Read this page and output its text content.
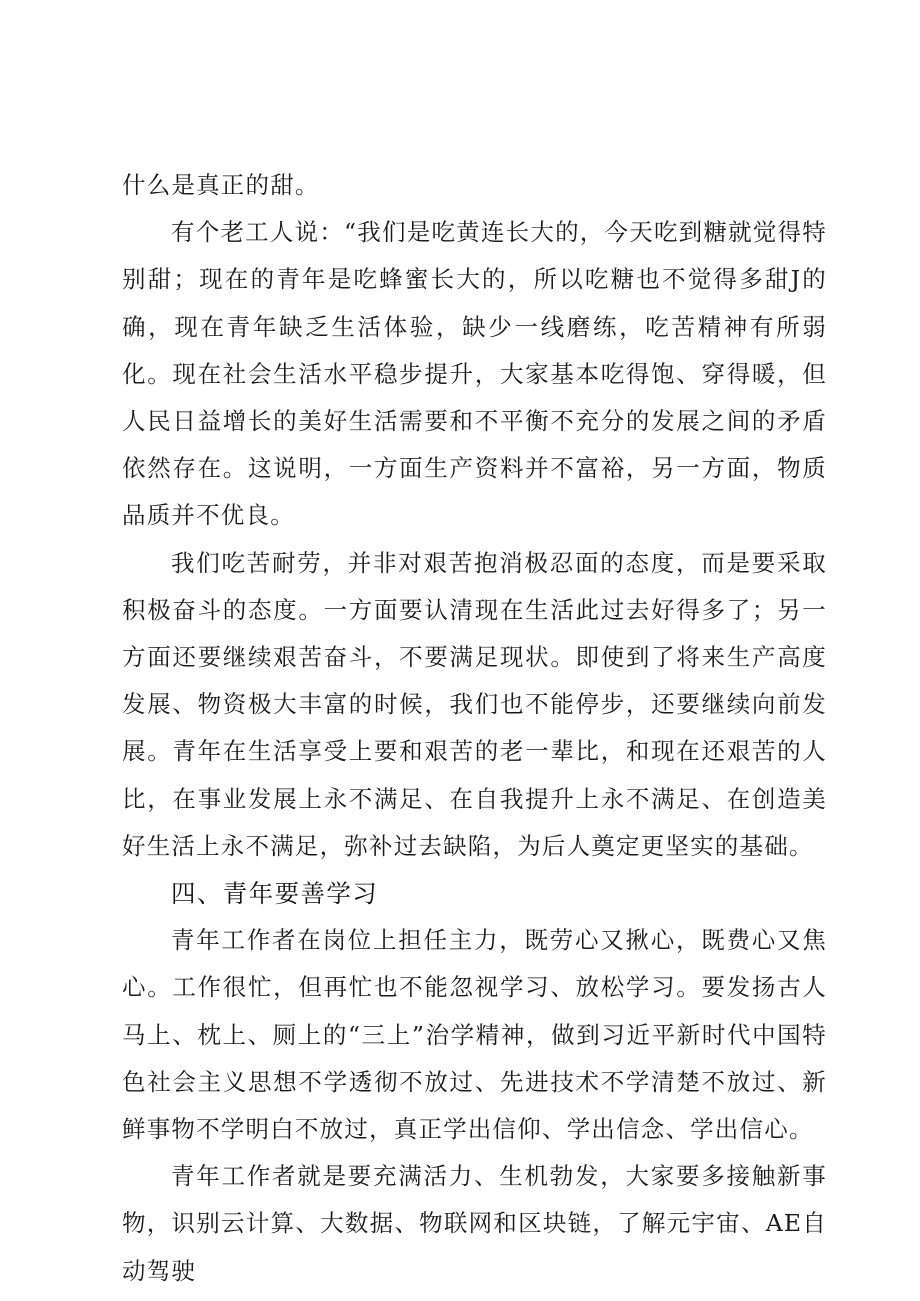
什么是真正的甜。

有个老工人说：“我们是吃黄连长大的，今天吃到糖就觉得特别甜；现在的青年是吃蜂蜜长大的，所以吃糖也不觉得多甜J的确，现在青年缺乏生活体验，缺少一线磨练，吃苦精神有所弱化。现在社会生活水平稳步提升，大家基本吃得饱、穿得暖，但人民日益增长的美好生活需要和不平衡不充分的发展之间的矛盾依然存在。这说明，一方面生产资料并不富裕，另一方面，物质品质并不优良。

我们吃苦耐劳，并非对艰苦抱消极忍面的态度，而是要采取积极奋斗的态度。一方面要认清现在生活此过去好得多了；另一方面还要继续艰苦奋斗，不要满足现状。即使到了将来生产高度发展、物资极大丰富的时候，我们也不能停步，还要继续向前发展。青年在生活享受上要和艰苦的老一辈比，和现在还艰苦的人比，在事业发展上永不满足、在自我提升上永不满足、在创造美好生活上永不满足，弥补过去缺陷，为后人奠定更坚实的基础。

四、青年要善学习

青年工作者在岗位上担任主力，既劳心又揪心，既费心又焦心。工作很忙，但再忙也不能忽视学习、放松学习。要发扬古人马上、枕上、厕上的“三上”治学精神，做到习近平新时代中国特色社会主义思想不学透彻不放过、先进技术不学清楚不放过、新鲜事物不学明白不放过，真正学出信仰、学出信念、学出信心。

青年工作者就是要充满活力、生机勃发，大家要多接触新事物，识别云计算、大数据、物联网和区块链，了解元宇宙、AE自动驾驶
